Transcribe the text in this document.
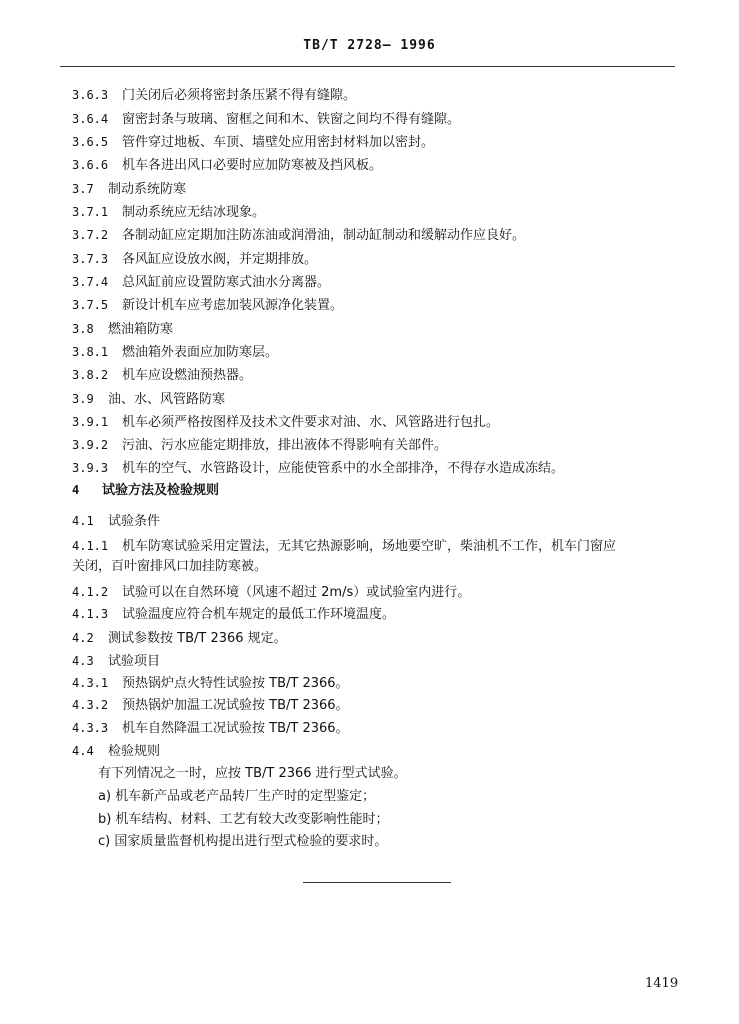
TB/T 2728— 1996
3.6.3 门关闭后必须将密封条压紧不得有缝隙。
3.6.4 窗密封条与玻璃、窗框之间和木、铁窗之间均不得有缝隙。
3.6.5 管件穿过地板、车顶、墙壁处应用密封材料加以密封。
3.6.6 机车各进出风口必要时应加防寒被及挡风板。
3.7 制动系统防寒
3.7.1 制动系统应无结冰现象。
3.7.2 各制动缸应定期加注防冻油或润滑油，制动缸制动和缓解动作应良好。
3.7.3 各风缸应设放水阀，并定期排放。
3.7.4 总风缸前应设置防寒式油水分离器。
3.7.5 新设计机车应考虑加装风源净化装置。
3.8 燃油箱防寒
3.8.1 燃油箱外表面应加防寒层。
3.8.2 机车应设燃油预热器。
3.9 油、水、风管路防寒
3.9.1 机车必须严格按图样及技术文件要求对油、水、风管路进行包扎。
3.9.2 污油、污水应能定期排放，排出液体不得影响有关部件。
3.9.3 机车的空气、水管路设计，应能使管系中的水全部排净，不得存水造成冻结。
4 试验方法及检验规则
4.1 试验条件
4.1.1 机车防寒试验采用定置法，无其它热源影响，场地要空旷，柴油机不工作，机车门窗应
关闭，百叶窗排风口加挂防寒被。
4.1.2 试验可以在自然环境（风速不超过 2m/s）或试验室内进行。
4.1.3 试验温度应符合机车规定的最低工作环境温度。
4.2 测试参数按 TB/T 2366 规定。
4.3 试验项目
4.3.1 预热锅炉点火特性试验按 TB/T 2366。
4.3.2 预热锅炉加温工况试验按 TB/T 2366。
4.3.3 机车自然降温工况试验按 TB/T 2366。
4.4 检验规则
有下列情况之一时，应按 TB/T 2366 进行型式试验。
a) 机车新产品或老产品转厂生产时的定型鉴定；
b) 机车结构、材料、工艺有较大改变影响性能时；
c) 国家质量监督机构提出进行型式检验的要求时。
1419
